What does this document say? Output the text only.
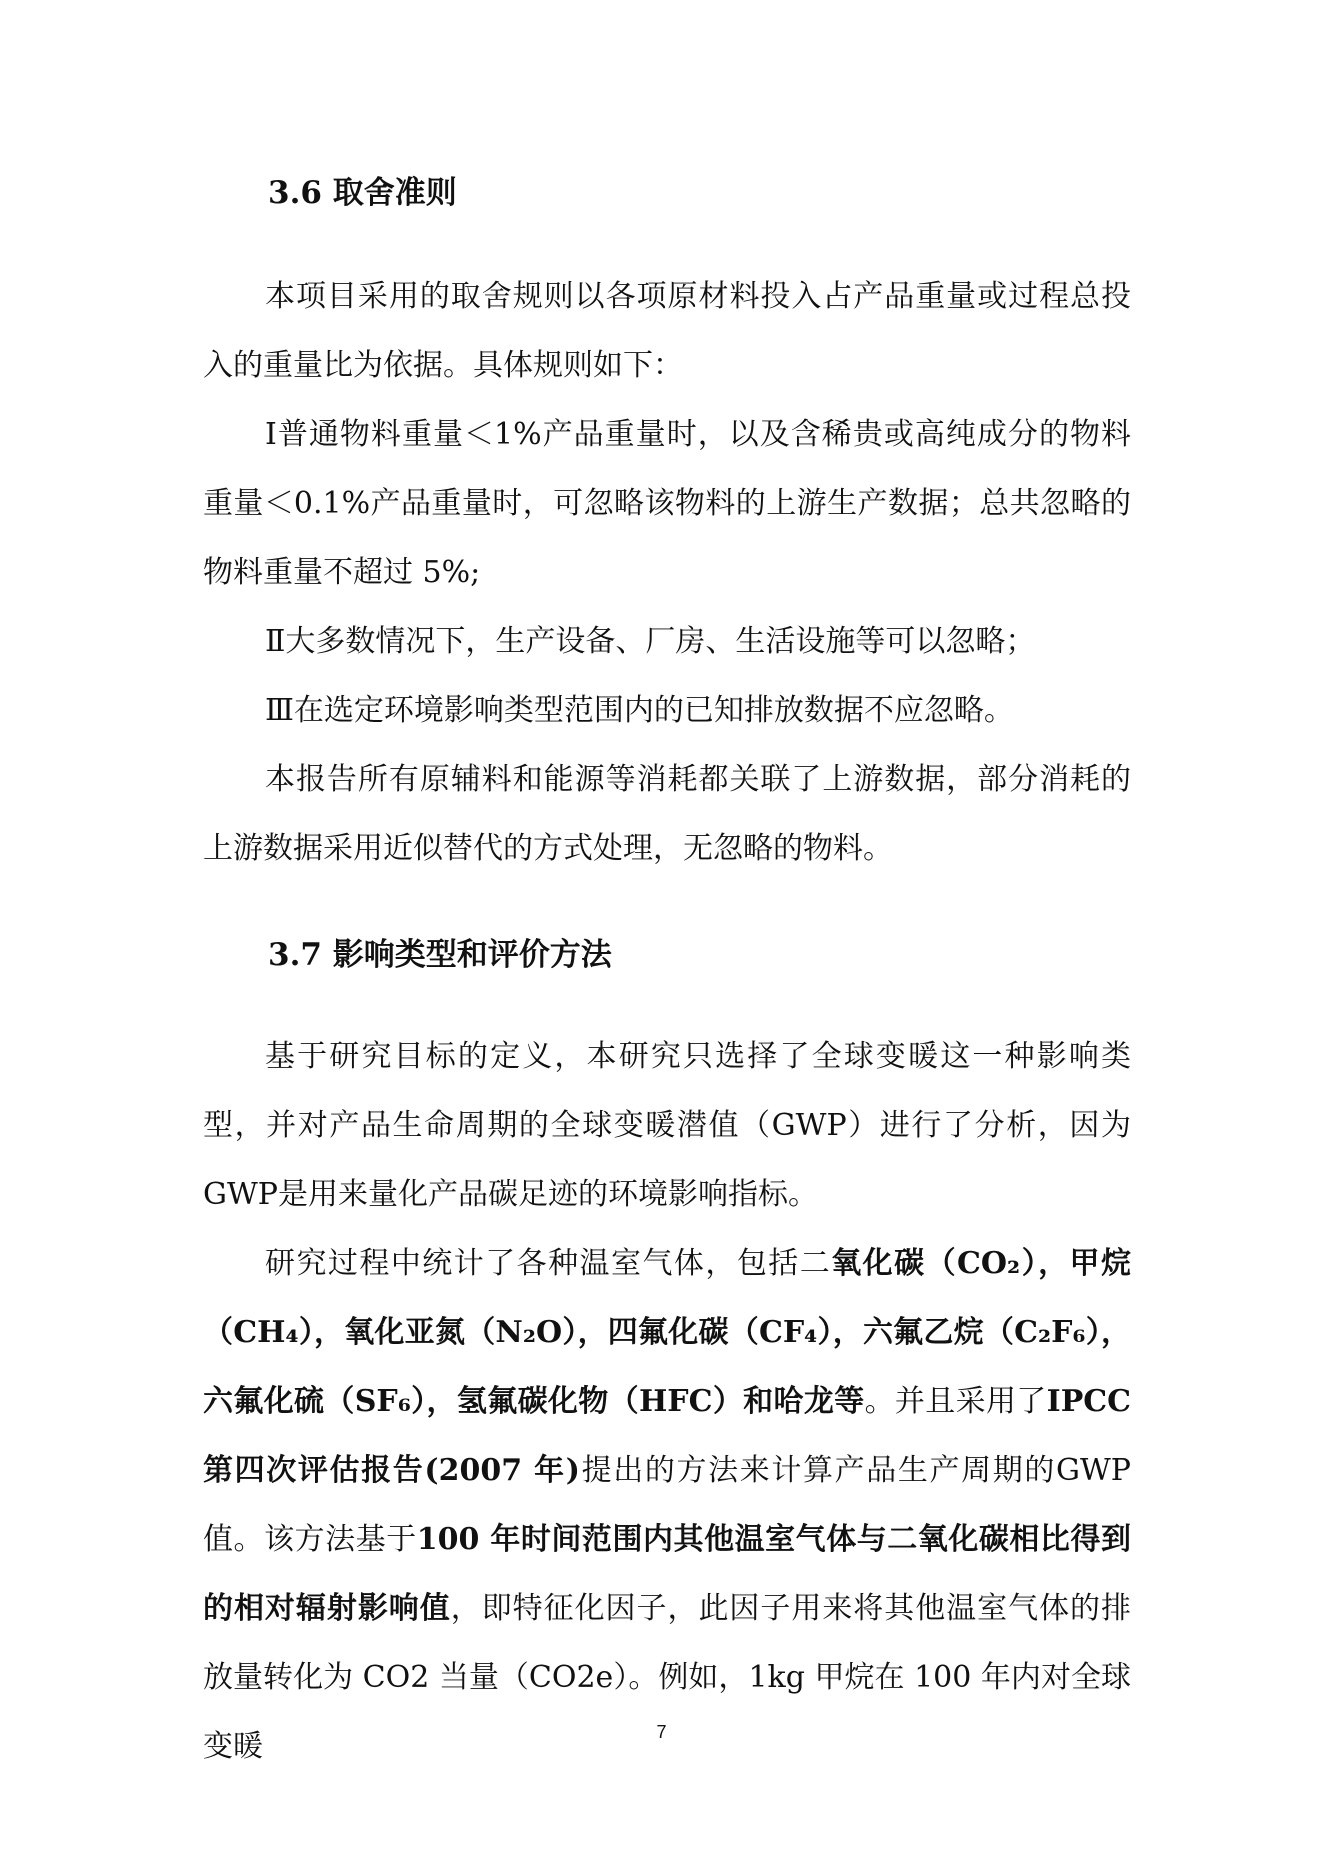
3.6 取舍准则

本项目采用的取舍规则以各项原材料投入占产品重量或过程总投入的重量比为依据。具体规则如下：

Ⅰ普通物料重量＜1%产品重量时，以及含稀贵或高纯成分的物料重量＜0.1%产品重量时，可忽略该物料的上游生产数据；总共忽略的物料重量不超过 5%;

Ⅱ大多数情况下，生产设备、厂房、生活设施等可以忽略；

Ⅲ在选定环境影响类型范围内的已知排放数据不应忽略。

本报告所有原辅料和能源等消耗都关联了上游数据，部分消耗的上游数据采用近似替代的方式处理，无忽略的物料。

3.7 影响类型和评价方法

基于研究目标的定义，本研究只选择了全球变暖这一种影响类型，并对产品生命周期的全球变暖潜值（GWP）进行了分析，因为GWP是用来量化产品碳足迹的环境影响指标。

研究过程中统计了各种温室气体，包括二氧化碳（CO₂），甲烷（CH₄），氧化亚氮（N₂O），四氟化碳（CF₄），六氟乙烷（C₂F₆），六氟化硫（SF₆），氢氟碳化物（HFC）和哈龙等。并且采用了IPCC 第四次评估报告(2007 年)提出的方法来计算产品生产周期的GWP值。该方法基于100 年时间范围内其他温室气体与二氧化碳相比得到的相对辐射影响值，即特征化因子，此因子用来将其他温室气体的排放量转化为 CO2 当量（CO2e）。例如，1kg 甲烷在 100 年内对全球变暖	7
